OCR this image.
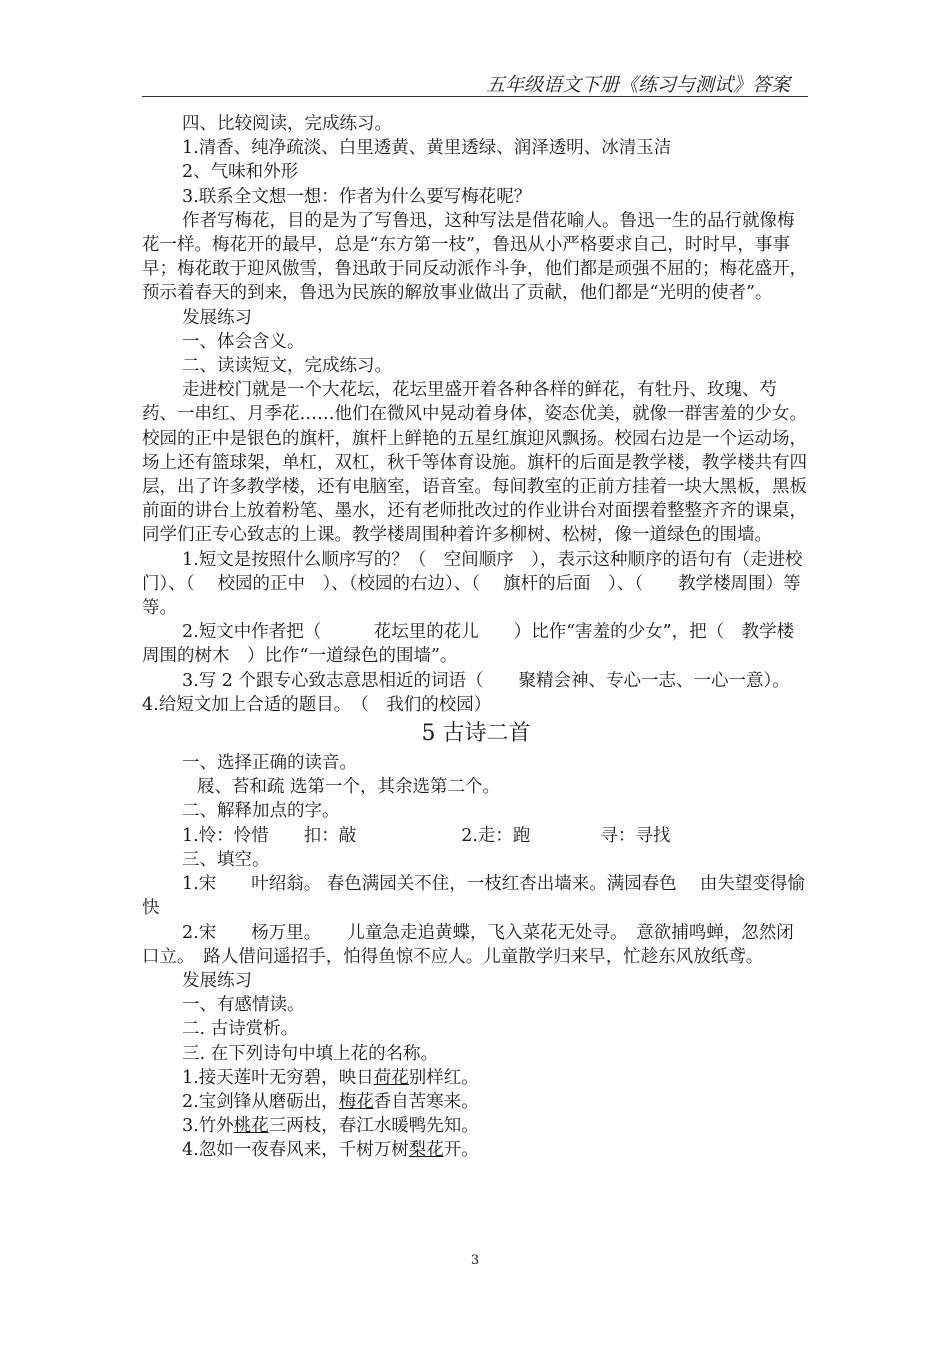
五年级语文下册《练习与测试》答案

四、比较阅读，完成练习。

1.清香、纯净疏淡、白里透黄、黄里透绿、润泽透明、冰清玉洁

2、气味和外形

3.联系全文想一想：作者为什么要写梅花呢？

作者写梅花，目的是为了写鲁迅，这种写法是借花喻人。鲁迅一生的品行就像梅花一样。梅花开的最早，总是“东方第一枝”，鲁迅从小严格要求自己，时时早，事事早；梅花敢于迎风傲雪，鲁迅敢于同反动派作斗争，他们都是顽强不屈的；梅花盛开，预示着春天的到来，鲁迅为民族的解放事业做出了贡献，他们都是“光明的使者”。

发展练习

一、体会含义。

二、读读短文，完成练习。

走进校门就是一个大花坛，花坛里盛开着各种各样的鲜花，有牡丹、玫瑰、芍药、一串红、月季花……他们在微风中晃动着身体，姿态优美，就像一群害羞的少女。校园的正中是银色的旗杆，旗杆上鲜艳的五星红旗迎风飘扬。校园右边是一个运动场，场上还有篮球架，单杠，双杠，秋千等体育设施。旗杆的后面是教学楼，教学楼共有四层，出了许多教学楼，还有电脑室，语音室。每间教室的正前方挂着一块大黑板，黑板前面的讲台上放着粉笔、墨水，还有老师批改过的作业讲台对面摆着整整齐齐的课桌，同学们正专心致志的上课。教学楼周围种着许多柳树、松树，像一道绿色的围墙。

1.短文是按照什么顺序写的？（　空间顺序　），表示这种顺序的语句有（走进校门）、（　 校园的正中　）、（校园的右边）、（　 旗杆的后面　）、（　　教学楼周围）等等。

2.短文中作者把（　　　花坛里的花儿　　）比作“害羞的少女”，把（　教学楼周围的树木　）比作“一道绿色的围墙”。

3.写 2 个跟专心致志意思相近的词语（　　聚精会神、专心一志、一心一意）。

4.给短文加上合适的题目。　（　我们的校园）

5 古诗二首

一、选择正确的读音。

屐、苔和疏 选第一个，其余选第二个。

二、解释加点的字。

1.怜：怜惜　　扣：敲　　　　　　2.走：跑　　　　寻：寻找

三、填空。

1.宋　　叶绍翁。 春色满园关不住，一枝红杏出墙来。满园春色　 由失望变得愉快

2.宋　　杨万里。　　儿童急走追黄蝶，飞入菜花无处寻。　意欲捕鸣蝉，忽然闭口立。　路人借问遥招手，怕得鱼惊不应人。儿童散学归来早，忙趁东风放纸鸢。

发展练习

一、有感情读。

二. 古诗赏析。

三. 在下列诗句中填上花的名称。

1.接天莲叶无穷碧，映日荷花别样红。

2.宝剑锋从磨砺出，梅花香自苦寒来。

3.竹外桃花三两枝，春江水暖鸭先知。

4.忽如一夜春风来，千树万树梨花开。

3
